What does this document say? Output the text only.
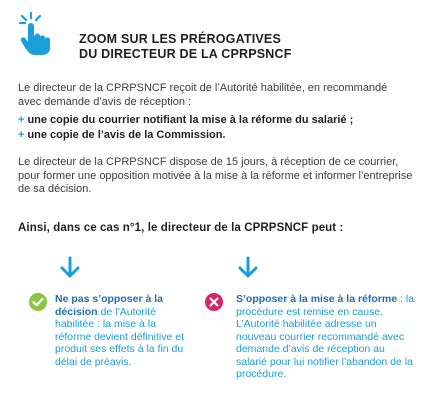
ZOOM SUR LES PRÉROGATIVES
DU DIRECTEUR DE LA CPRPSNCF

Le directeur de la CPRPSNCF reçoit de l’Autorité habilitée, en recommandé avec demande d’avis de réception :

+ une copie du courrier notifiant la mise à la réforme du salarié ;
+ une copie de l’avis de la Commission.

Le directeur de la CPRPSNCF dispose de 15 jours, à réception de ce courrier, pour former une opposition motivée à la mise à la réforme et informer l’entreprise de sa décision.

Ainsi, dans ce cas n°1, le directeur de la CPRPSNCF peut :

Ne pas s’opposer à la décision de l’Autorité habilitée : la mise à la réforme devient définitive et produit ses effets à la fin du délai de préavis.

S’opposer à la mise à la réforme : la procédure est remise en cause. L’Autorité habilitée adresse un nouveau courrier recommandé avec demande d’avis de réception au salarié pour lui notifier l’abandon de la procédure.
